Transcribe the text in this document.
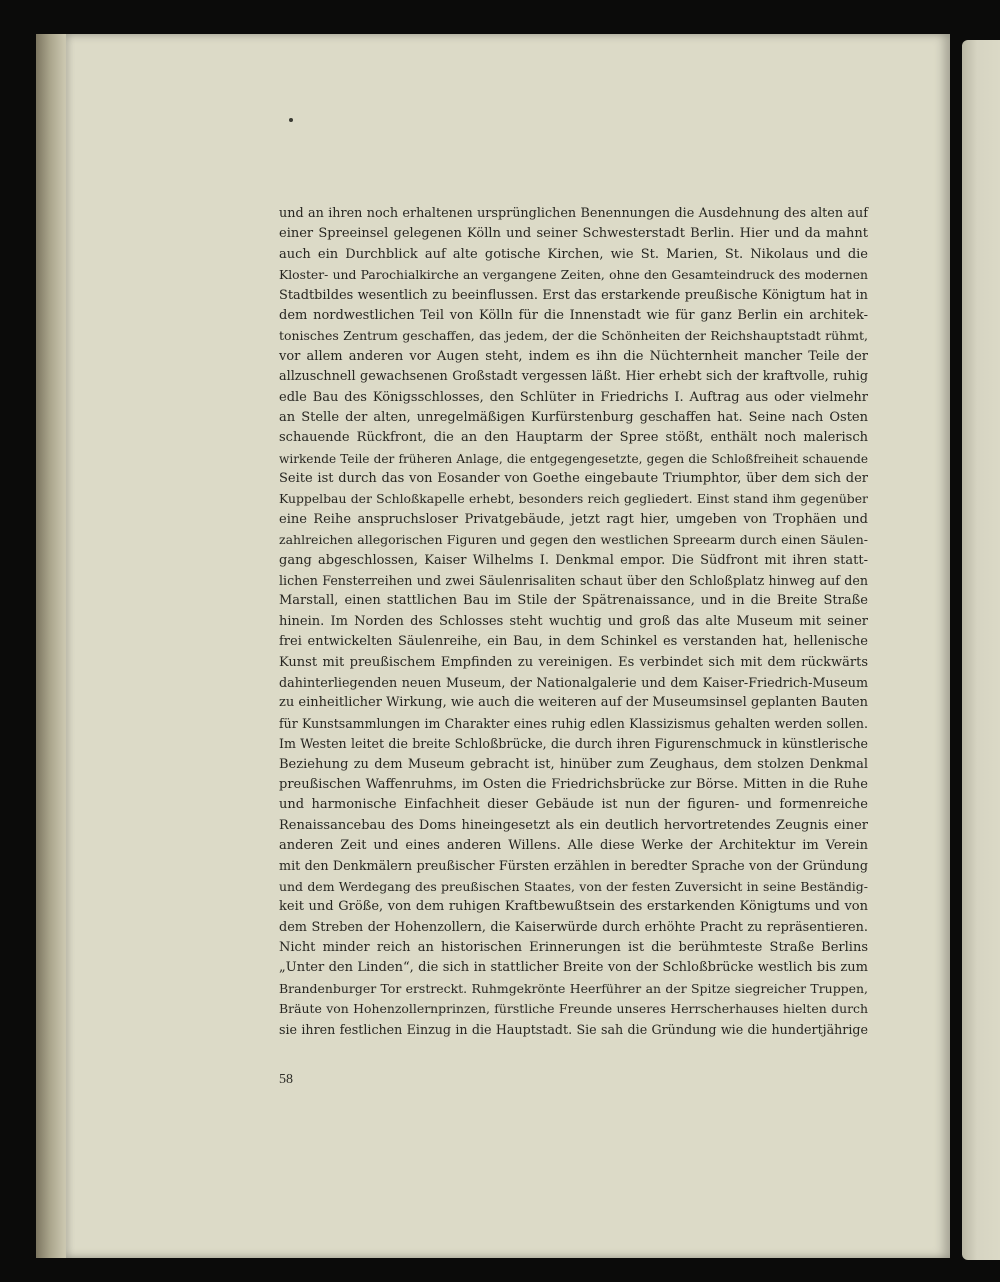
und an ihren noch erhaltenen ursprünglichen Benennungen die Ausdehnung des alten auf
einer Spreeinsel gelegenen Kölln und seiner Schwesterstadt Berlin. Hier und da mahnt
auch ein Durchblick auf alte gotische Kirchen, wie St. Marien, St. Nikolaus und die
Kloster- und Parochialkirche an vergangene Zeiten, ohne den Gesamteindruck des modernen
Stadtbildes wesentlich zu beeinflussen. Erst das erstarkende preußische Königtum hat in
dem nordwestlichen Teil von Kölln für die Innenstadt wie für ganz Berlin ein architek-
tonisches Zentrum geschaffen, das jedem, der die Schönheiten der Reichshauptstadt rühmt,
vor allem anderen vor Augen steht, indem es ihn die Nüchternheit mancher Teile der
allzuschnell gewachsenen Großstadt vergessen läßt. Hier erhebt sich der kraftvolle, ruhig
edle Bau des Königsschlosses, den Schlüter in Friedrichs I. Auftrag aus oder vielmehr
an Stelle der alten, unregelmäßigen Kurfürstenburg geschaffen hat. Seine nach Osten
schauende Rückfront, die an den Hauptarm der Spree stößt, enthält noch malerisch
wirkende Teile der früheren Anlage, die entgegengesetzte, gegen die Schloßfreiheit schauende
Seite ist durch das von Eosander von Goethe eingebaute Triumphtor, über dem sich der
Kuppelbau der Schloßkapelle erhebt, besonders reich gegliedert. Einst stand ihm gegenüber
eine Reihe anspruchsloser Privatgebäude, jetzt ragt hier, umgeben von Trophäen und
zahlreichen allegorischen Figuren und gegen den westlichen Spreearm durch einen Säulen-
gang abgeschlossen, Kaiser Wilhelms I. Denkmal empor. Die Südfront mit ihren statt-
lichen Fensterreihen und zwei Säulenrisaliten schaut über den Schloßplatz hinweg auf den
Marstall, einen stattlichen Bau im Stile der Spätrenaissance, und in die Breite Straße
hinein. Im Norden des Schlosses steht wuchtig und groß das alte Museum mit seiner
frei entwickelten Säulenreihe, ein Bau, in dem Schinkel es verstanden hat, hellenische
Kunst mit preußischem Empfinden zu vereinigen. Es verbindet sich mit dem rückwärts
dahinterliegenden neuen Museum, der Nationalgalerie und dem Kaiser-Friedrich-Museum
zu einheitlicher Wirkung, wie auch die weiteren auf der Museumsinsel geplanten Bauten
für Kunstsammlungen im Charakter eines ruhig edlen Klassizismus gehalten werden sollen.
Im Westen leitet die breite Schloßbrücke, die durch ihren Figurenschmuck in künstlerische
Beziehung zu dem Museum gebracht ist, hinüber zum Zeughaus, dem stolzen Denkmal
preußischen Waffenruhms, im Osten die Friedrichsbrücke zur Börse. Mitten in die Ruhe
und harmonische Einfachheit dieser Gebäude ist nun der figuren- und formenreiche
Renaissancebau des Doms hineingesetzt als ein deutlich hervortretendes Zeugnis einer
anderen Zeit und eines anderen Willens. Alle diese Werke der Architektur im Verein
mit den Denkmälern preußischer Fürsten erzählen in beredter Sprache von der Gründung
und dem Werdegang des preußischen Staates, von der festen Zuversicht in seine Beständig-
keit und Größe, von dem ruhigen Kraftbewußtsein des erstarkenden Königtums und von
dem Streben der Hohenzollern, die Kaiserwürde durch erhöhte Pracht zu repräsentieren.
Nicht minder reich an historischen Erinnerungen ist die berühmteste Straße Berlins
„Unter den Linden“, die sich in stattlicher Breite von der Schloßbrücke westlich bis zum
Brandenburger Tor erstreckt. Ruhmgekrönte Heerführer an der Spitze siegreicher Truppen,
Bräute von Hohenzollernprinzen, fürstliche Freunde unseres Herrscherhauses hielten durch
sie ihren festlichen Einzug in die Hauptstadt. Sie sah die Gründung wie die hundertjährige
58
